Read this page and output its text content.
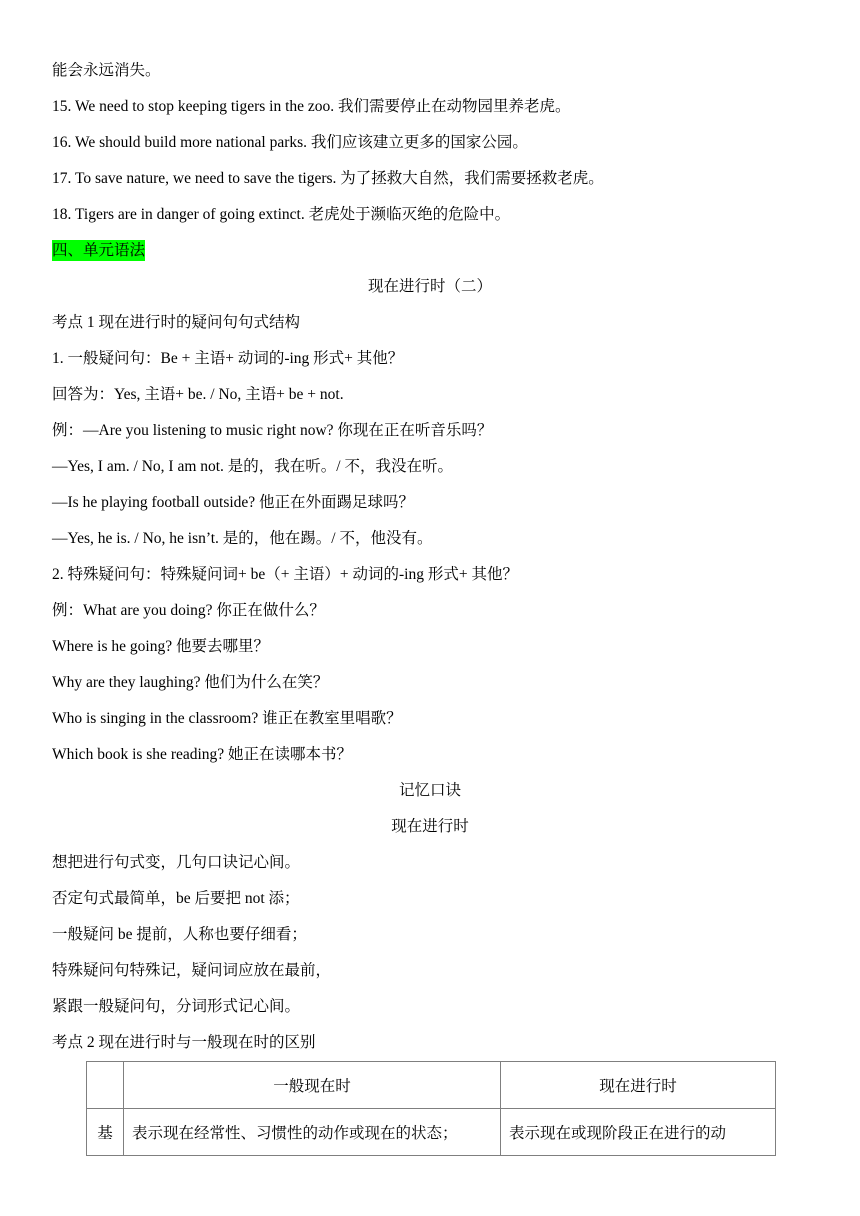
能会永远消失。
15. We need to stop keeping tigers in the zoo. 我们需要停止在动物园里养老虎。
16. We should build more national parks. 我们应该建立更多的国家公园。
17. To save nature, we need to save the tigers. 为了拯救大自然，我们需要拯救老虎。
18. Tigers are in danger of going extinct. 老虎处于濒临灭绝的危险中。
四、单元语法
现在进行时（二）
考点 1 现在进行时的疑问句句式结构
1. 一般疑问句：Be + 主语+ 动词的-ing 形式+ 其他？
回答为：Yes, 主语+ be. / No, 主语+ be + not.
例：—Are you listening to music right now? 你现在正在听音乐吗？
—Yes, I am. / No, I am not. 是的，我在听。/ 不，我没在听。
—Is he playing football outside? 他正在外面踢足球吗？
—Yes, he is. / No, he isn’t. 是的，他在踢。/ 不，他没有。
2. 特殊疑问句：特殊疑问词+ be（+ 主语）+ 动词的-ing 形式+ 其他？
例：What are you doing? 你正在做什么？
Where is he going? 他要去哪里？
Why are they laughing? 他们为什么在笑？
Who is singing in the classroom? 谁正在教室里唱歌？
Which book is she reading? 她正在读哪本书？
记忆口诀
现在进行时
想把进行句式变，几句口诀记心间。
否定句式最简单，be 后要把 not 添；
一般疑问 be 提前，人称也要仔细看；
特殊疑问句特殊记，疑问词应放在最前，
紧跟一般疑问句，分词形式记心间。
考点 2 现在进行时与一般现在时的区别
	一般现在时	现在进行时
基	表示现在经常性、习惯性的动作或现在的状态；	表示现在或现阶段正在进行的动
